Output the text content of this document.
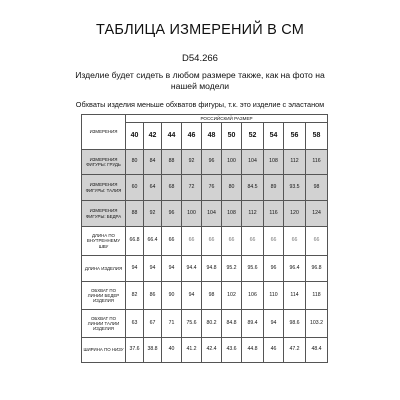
ТАБЛИЦА ИЗМЕРЕНИЙ В СМ
D54.266
Изделие будет сидеть в любом размере также, как на фото на
нашей модели
Обхваты изделия меньше обхватов фигуры, т.к. это изделие с эластаном
ИЗМЕРЕНИЯ	РОССИЙСКИЙ РАЗМЕР									
	40	42	44	46	48	50	52	54	56	58
ИЗМЕРЕНИЯ ФИГУРЫ: ГРУДЬ	80	84	88	92	96	100	104	108	112	116
ИЗМЕРЕНИЯ ФИГУРЫ: ТАЛИЯ	60	64	68	72	76	80	84.5	89	93.5	98
ИЗМЕРЕНИЯ ФИГУРЫ: БЕДРА	88	92	96	100	104	108	112	116	120	124
ДЛИНА ПО ВНУТРЕННЕМУ ШВУ	66.8	66.4	66	66	66	66	66	66	66	66
ДЛИНА ИЗДЕЛИЯ	94	94	94	94.4	94.8	95.2	95.6	96	96.4	96.8
ОБХВАТ ПО ЛИНИИ БЕДЕР ИЗДЕЛИЯ	82	86	90	94	98	102	106	110	114	118
ОБХВАТ ПО ЛИНИИ ТАЛИИ ИЗДЕЛИЯ	63	67	71	75.6	80.2	84.8	89.4	94	98.6	103.2
ШИРИНА ПО НИЗУ	37.6	38.8	40	41.2	42.4	43.6	44.8	46	47.2	48.4
